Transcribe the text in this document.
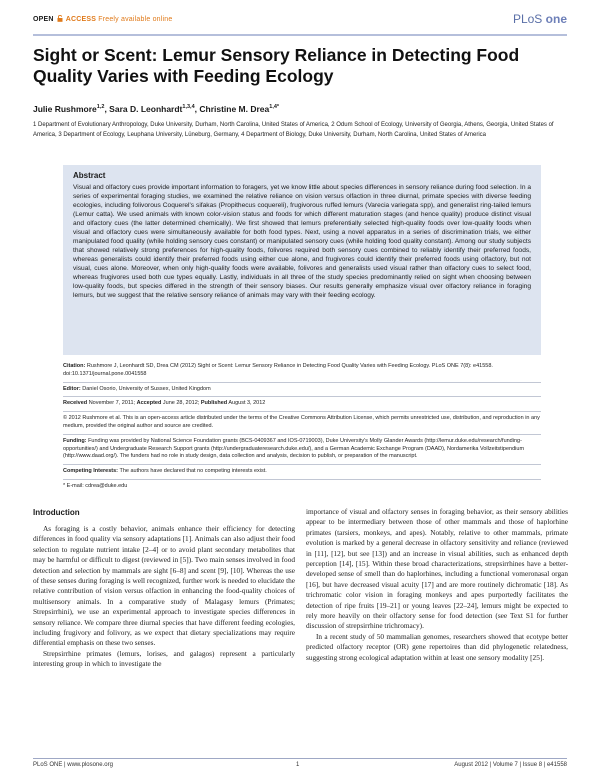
OPEN ACCESS Freely available online	PLoS one
Sight or Scent: Lemur Sensory Reliance in Detecting Food Quality Varies with Feeding Ecology
Julie Rushmore$^{1,2}$, Sara D. Leonhardt$^{1,3,4}$, Christine M. Drea$^{1,4*}$
1 Department of Evolutionary Anthropology, Duke University, Durham, North Carolina, United States of America, 2 Odum School of Ecology, University of Georgia, Athens, Georgia, United States of America, 3 Department of Ecology, Leuphana University, Lüneburg, Germany, 4 Department of Biology, Duke University, Durham, North Carolina, United States of America
Abstract

Visual and olfactory cues provide important information to foragers, yet we know little about species differences in sensory reliance during food selection. In a series of experimental foraging studies, we examined the relative reliance on vision versus olfaction in three diurnal, primate species with diverse feeding ecologies, including folivorous Coquerel's sifakas (Propithecus coquereli), frugivorous ruffed lemurs (Varecia variegata spp), and generalist ring-tailed lemurs (Lemur catta). We used animals with known color-vision status and foods for which different maturation stages (and hence quality) produce distinct visual and olfactory cues (the latter determined chemically). We first showed that lemurs preferentially selected high-quality foods over low-quality foods when visual and olfactory cues were simultaneously available for both food types. Next, using a novel apparatus in a series of discrimination trials, we either manipulated food quality (while holding sensory cues constant) or manipulated sensory cues (while holding food quality constant). Among our study subjects that showed relatively strong preferences for high-quality foods, folivores required both sensory cues combined to reliably identify their preferred foods, whereas generalists could identify their preferred foods using either cue alone, and frugivores could identify their preferred foods using olfactory, but not visual, cues alone. Moreover, when only high-quality foods were available, folivores and generalists used visual rather than olfactory cues to select food, whereas frugivores used both cue types equally. Lastly, individuals in all three of the study species predominantly relied on sight when choosing between low-quality foods, but species differed in the strength of their sensory biases. Our results generally emphasize visual over olfactory reliance in foraging lemurs, but we suggest that the relative sensory reliance of animals may vary with their feeding ecology.

Citation: Rushmore J, Leonhardt SD, Drea CM (2012) Sight or Scent: Lemur Sensory Reliance in Detecting Food Quality Varies with Feeding Ecology. PLoS ONE 7(8): e41558. doi:10.1371/journal.pone.0041558
Editor: Daniel Osorio, University of Sussex, United Kingdom
Received November 7, 2011; Accepted June 28, 2012; Published August 3, 2012
© 2012 Rushmore et al. This is an open-access article distributed under the terms of the Creative Commons Attribution License, which permits unrestricted use, distribution, and reproduction in any medium, provided the original author and source are credited.
Funding: Funding was provided by National Science Foundation grants (BCS-0409367 and IOS-0719003), Duke University's Molly Glander Awards (http://lemur.duke.edu/research/funding-opportunities/) and Undergraduate Research Support grants (http://undergraduateresearch.duke.edu/), and a German Academic Exchange Program (DAAD), Nordamerika Vollzeitstipendium (http://www.daad.org/). The funders had no role in study design, data collection and analysis, decision to publish, or preparation of the manuscript.
Competing Interests: The authors have declared that no competing interests exist.
* E-mail: cdrea@duke.edu
Introduction

As foraging is a costly behavior, animals enhance their efficiency for detecting differences in food quality via sensory adaptations [1]. Animals can also adjust their food selection to regulate nutrient intake [2–4] or to avoid plant secondary metabolites that may be harmful or difficult to digest (reviewed in [5]). Two main senses involved in food detection and selection by mammals are sight [6–8] and scent [9], [10]. Whereas the use of these senses during foraging is well recognized, further work is needed to elucidate the relative contribution of vision versus olfaction in enhancing the food-quality choices of multisensory animals. In a comparative study of Malagasy lemurs (Primates; Strepsirrhini), we use an experimental approach to investigate species differences in sensory reliance. We compare three diurnal species that have different feeding ecologies, including frugivory and folivory, as we expect that dietary specializations may require differential emphasis on these two senses.

Strepsirrhine primates (lemurs, lorises, and galagos) represent a particularly interesting group in which to investigate the

importance of visual and olfactory senses in foraging behavior, as their sensory abilities appear to be intermediary between those of other mammals and those of haplorhine primates (tarsiers, monkeys, and apes). Notably, relative to other mammals, primate evolution is marked by a general decrease in olfactory sensitivity and reliance (reviewed in [11], [12], but see [13]) and an increase in visual abilities, such as enhanced depth perception [14], [15]. Within these broad characterizations, strepsirrhines have a better-developed sense of smell than do haplorhines, including a functional vomeronasal organ [16], but have decreased visual acuity [17] and are more routinely dichromatic [18]. As trichromatic color vision in foraging monkeys and apes purportedly facilitates the detection of ripe fruits [19–21] or young leaves [22–24], lemurs might be expected to rely more heavily on their olfactory sense for food detection (see Text S1 for further discussion of strepsirrhine trichromacy).

In a recent study of 50 mammalian genomes, researchers showed that ecotype better predicted olfactory receptor (OR) gene repertoires than did phylogenetic relatedness, suggesting strong ecological adaptation within at least one sensory modality [25].

PLoS ONE | www.plosone.org	1	August 2012 | Volume 7 | Issue 8 | e41558
